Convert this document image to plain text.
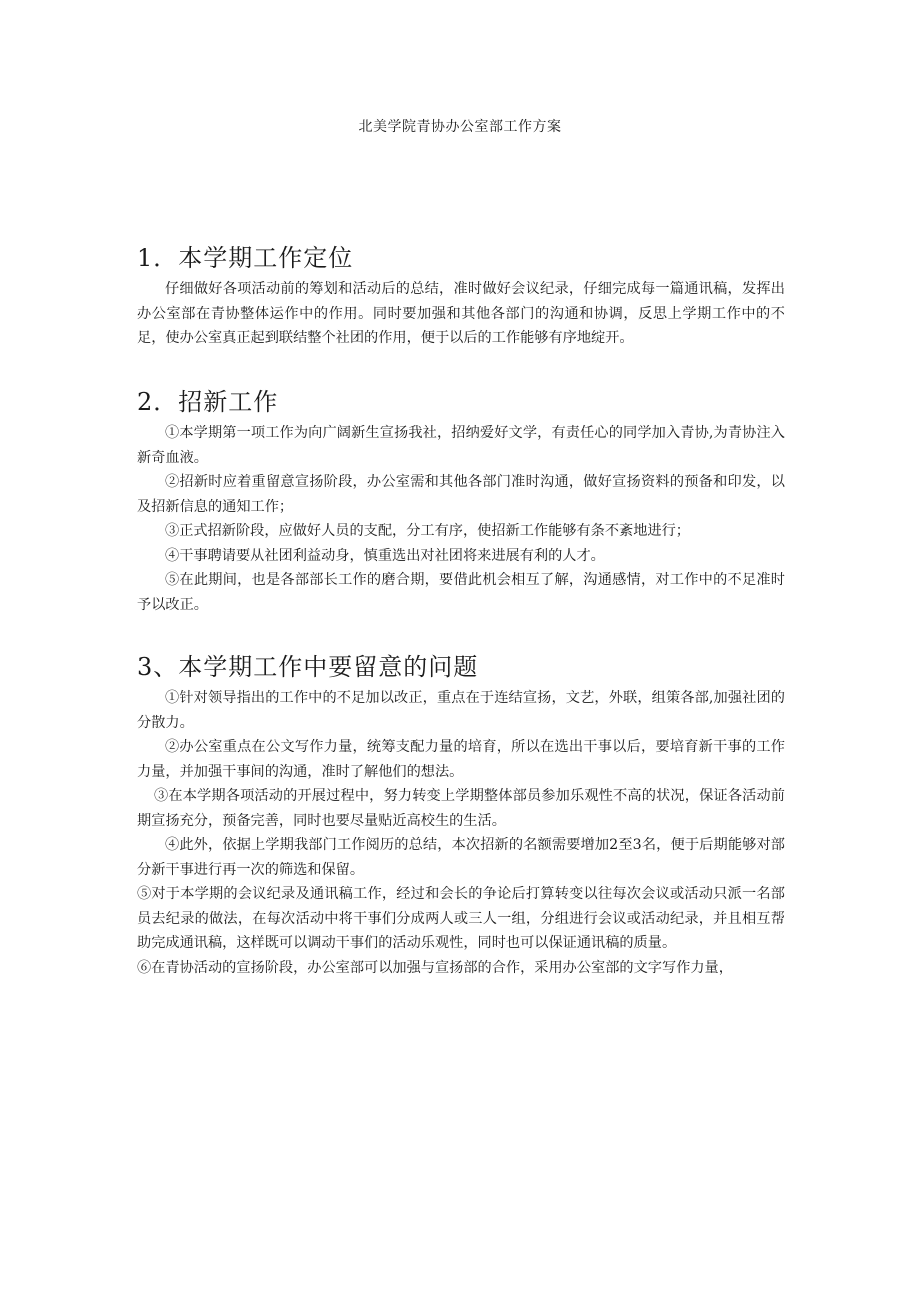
北美学院青协办公室部工作方案
1．本学期工作定位

仔细做好各项活动前的筹划和活动后的总结，准时做好会议纪录，仔细完成每一篇通讯稿，发挥出办公室部在青协整体运作中的作用。同时要加强和其他各部门的沟通和协调，反思上学期工作中的不足，使办公室真正起到联结整个社团的作用，便于以后的工作能够有序地绽开。

2．招新工作

①本学期第一项工作为向广阔新生宣扬我社，招纳爱好文学，有责任心的同学加入青协,为青协注入新奇血液。

②招新时应着重留意宣扬阶段，办公室需和其他各部门准时沟通，做好宣扬资料的预备和印发，以及招新信息的通知工作；

③正式招新阶段，应做好人员的支配，分工有序，使招新工作能够有条不紊地进行；

④干事聘请要从社团利益动身，慎重选出对社团将来进展有利的人才。

⑤在此期间，也是各部部长工作的磨合期，要借此机会相互了解，沟通感情，对工作中的不足准时予以改正。

3、本学期工作中要留意的问题

①针对领导指出的工作中的不足加以改正，重点在于连结宣扬，文艺，外联，组策各部,加强社团的分散力。

②办公室重点在公文写作力量，统筹支配力量的培育，所以在选出干事以后，要培育新干事的工作力量，并加强干事间的沟通，准时了解他们的想法。

③在本学期各项活动的开展过程中，努力转变上学期整体部员参加乐观性不高的状况，保证各活动前期宣扬充分，预备完善，同时也要尽量贴近高校生的生活。

④此外，依据上学期我部门工作阅历的总结，本次招新的名额需要增加2至3名，便于后期能够对部分新干事进行再一次的筛选和保留。

⑤对于本学期的会议纪录及通讯稿工作，经过和会长的争论后打算转变以往每次会议或活动只派一名部员去纪录的做法，在每次活动中将干事们分成两人或三人一组，分组进行会议或活动纪录，并且相互帮助完成通讯稿，这样既可以调动干事们的活动乐观性，同时也可以保证通讯稿的质量。

⑥在青协活动的宣扬阶段，办公室部可以加强与宣扬部的合作，采用办公室部的文字写作力量，
